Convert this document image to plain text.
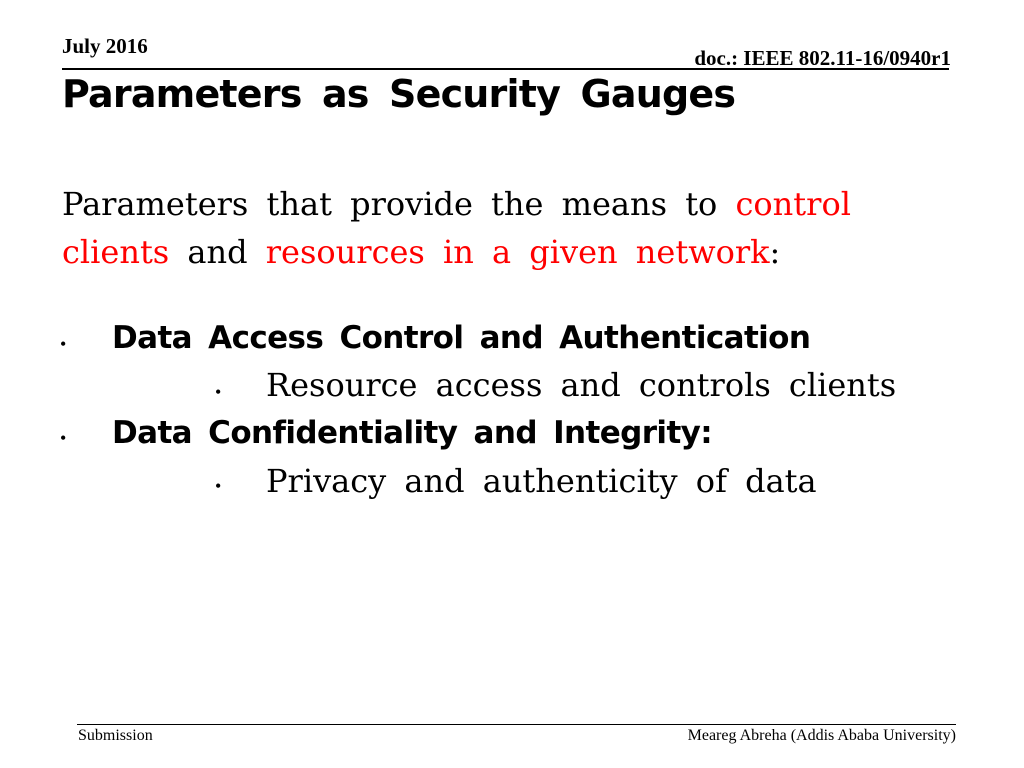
July 2016	doc.: IEEE 802.11-16/0940r1
Parameters as Security Gauges
Parameters that provide the means to control clients and resources in a given network:
• Data Access Control and Authentication
• Resource access and controls clients
• Data Confidentiality and Integrity:
• Privacy and authenticity of data
Submission	Meareg Abreha (Addis Ababa University)
